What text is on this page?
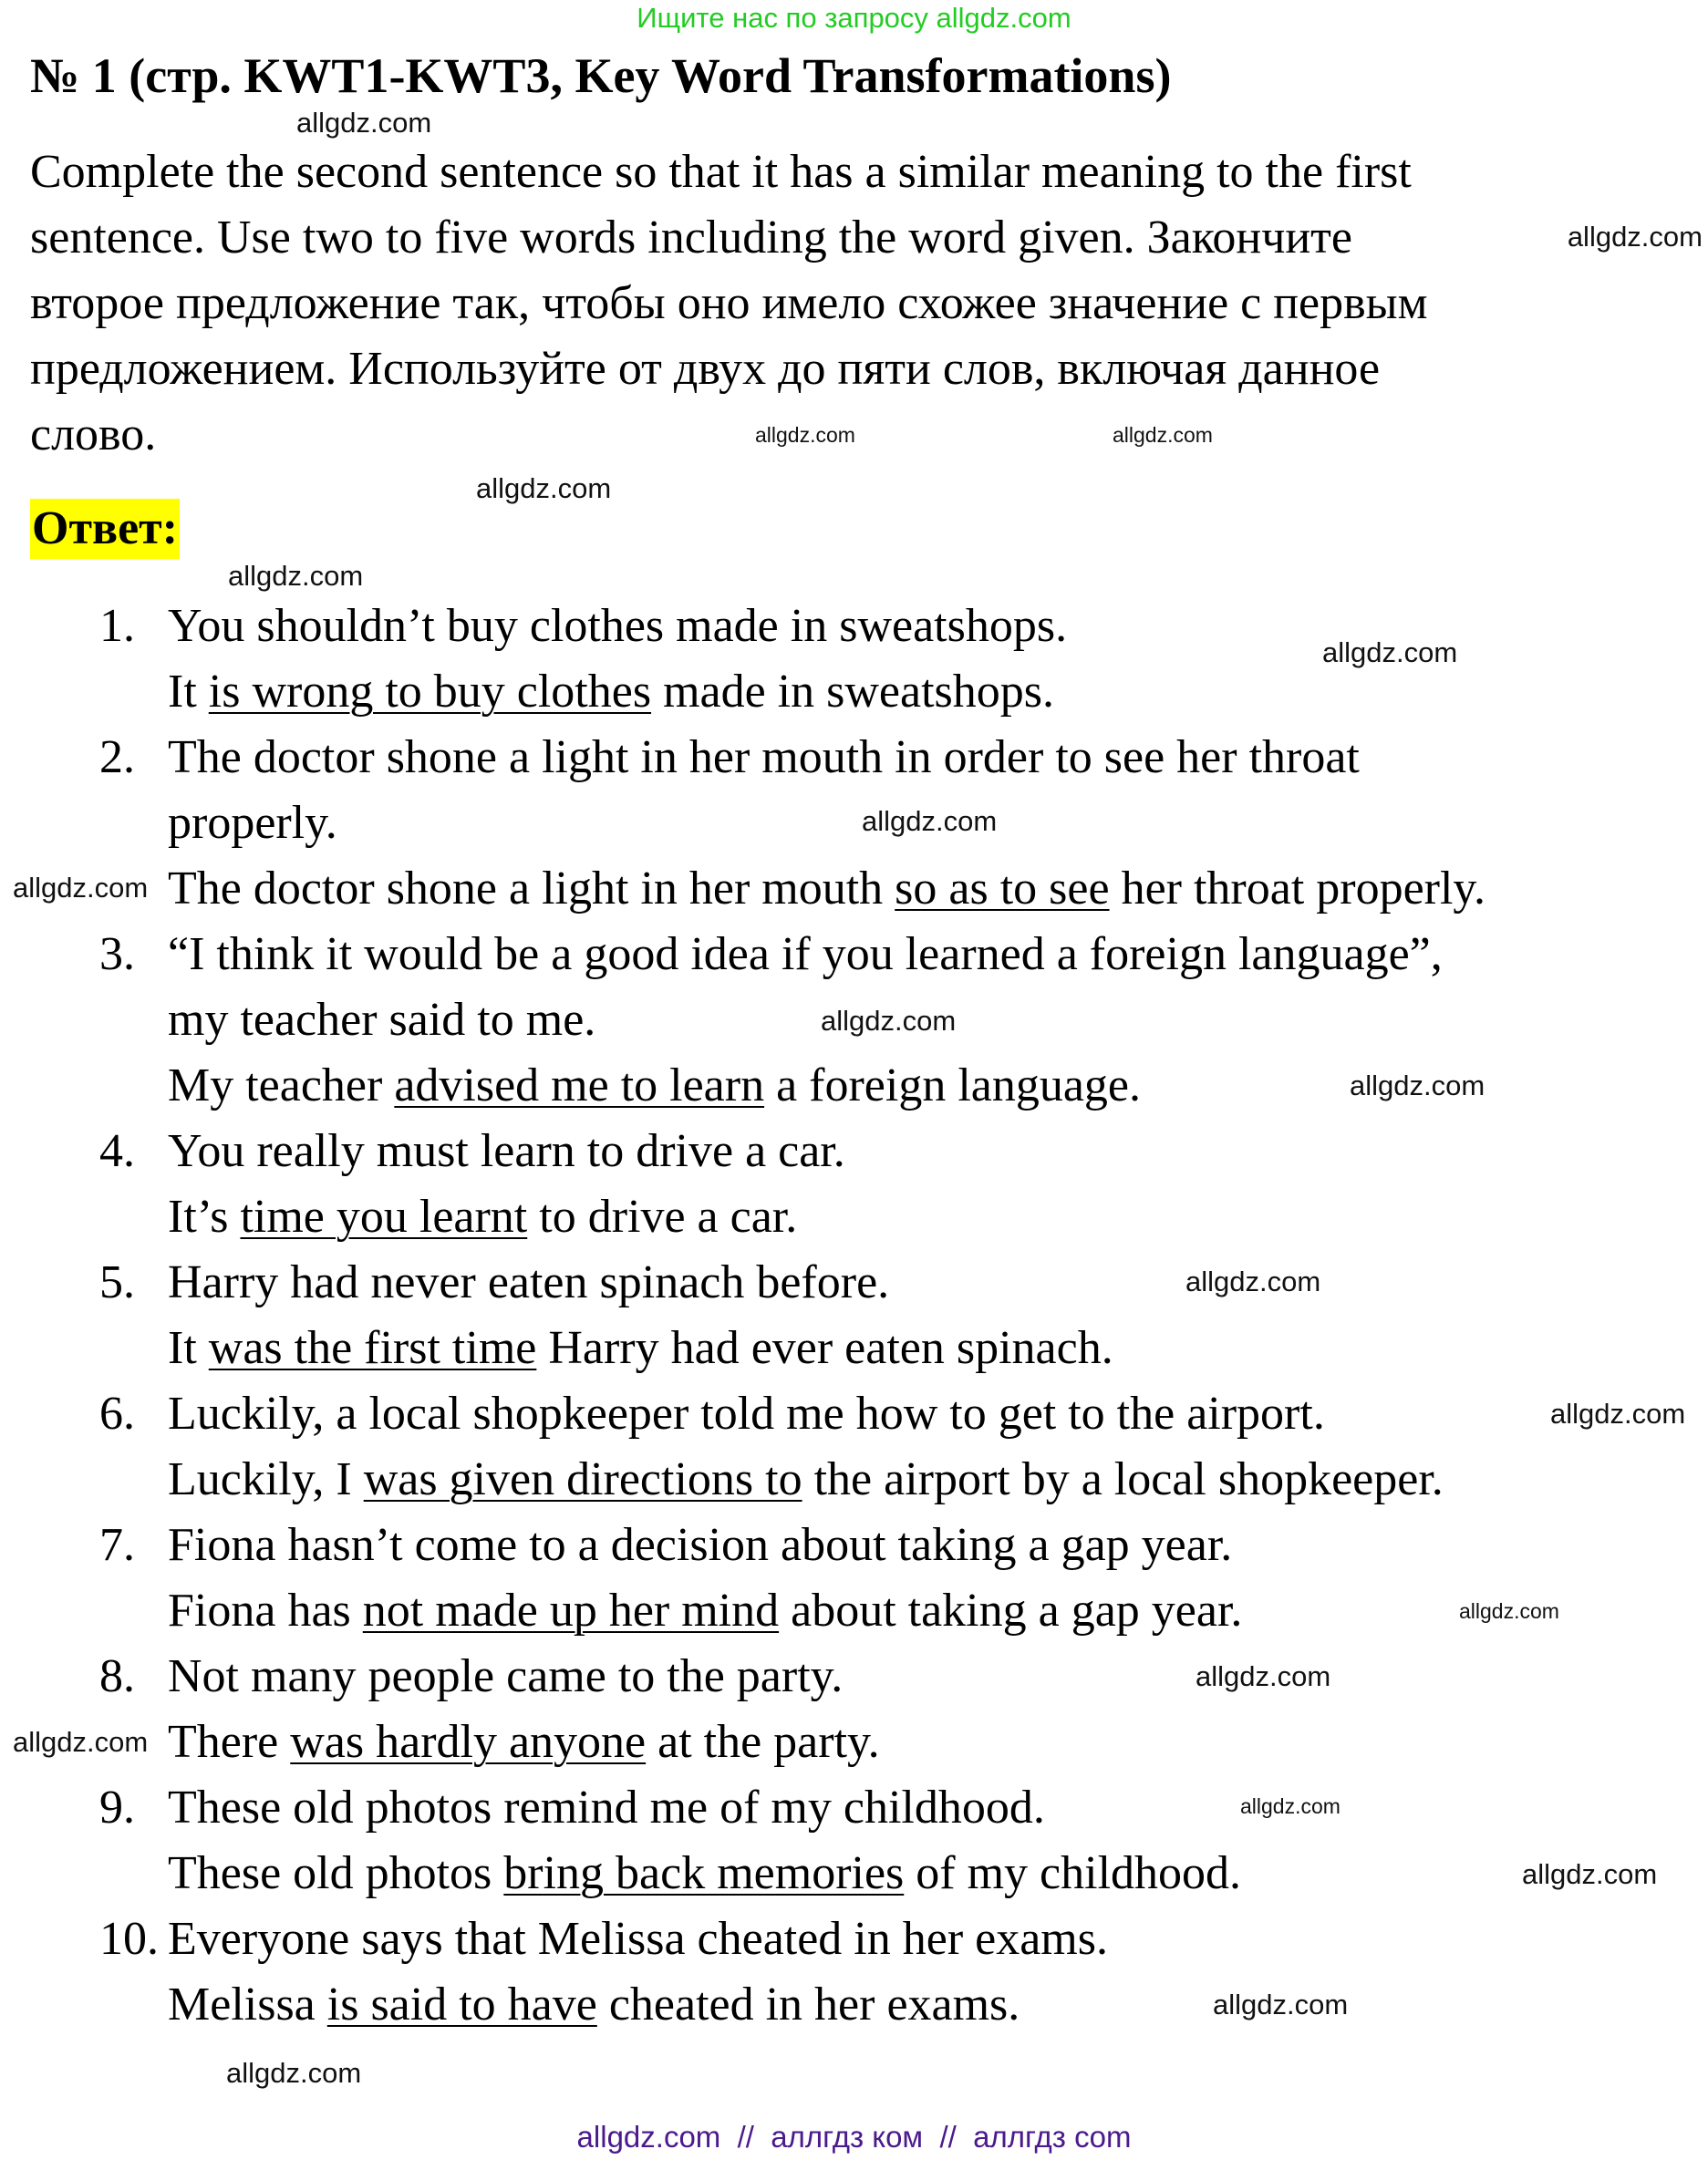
Ищите нас по запросу allgdz.com
№ 1 (стр. KWT1-KWT3, Key Word Transformations)
Complete the second sentence so that it has a similar meaning to the first
sentence. Use two to five words including the word given. Закончите
второе предложение так, чтобы оно имело схожее значение с первым
предложением. Используйте от двух до пяти слов, включая данное
слово.
Ответ:
1. You shouldn’t buy clothes made in sweatshops.
It is wrong to buy clothes made in sweatshops.
2. The doctor shone a light in her mouth in order to see her throat
properly.
The doctor shone a light in her mouth so as to see her throat properly.
3. “I think it would be a good idea if you learned a foreign language”,
my teacher said to me.
My teacher advised me to learn a foreign language.
4. You really must learn to drive a car.
It’s time you learnt to drive a car.
5. Harry had never eaten spinach before.
It was the first time Harry had ever eaten spinach.
6. Luckily, a local shopkeeper told me how to get to the airport.
Luckily, I was given directions to the airport by a local shopkeeper.
7. Fiona hasn’t come to a decision about taking a gap year.
Fiona has not made up her mind about taking a gap year.
8. Not many people came to the party.
There was hardly anyone at the party.
9. These old photos remind me of my childhood.
These old photos bring back memories of my childhood.
10. Everyone says that Melissa cheated in her exams.
Melissa is said to have cheated in her exams.
allgdz.com
allgdz.com
allgdz.com	allgdz.com
allgdz.com
allgdz.com
allgdz.com
allgdz.com
allgdz.com
allgdz.com
allgdz.com
allgdz.com
allgdz.com
allgdz.com
allgdz.com
allgdz.com
allgdz.com
allgdz.com
allgdz.com
allgdz.com
allgdz.com  //  аллгдз ком  //  аллгдз com
